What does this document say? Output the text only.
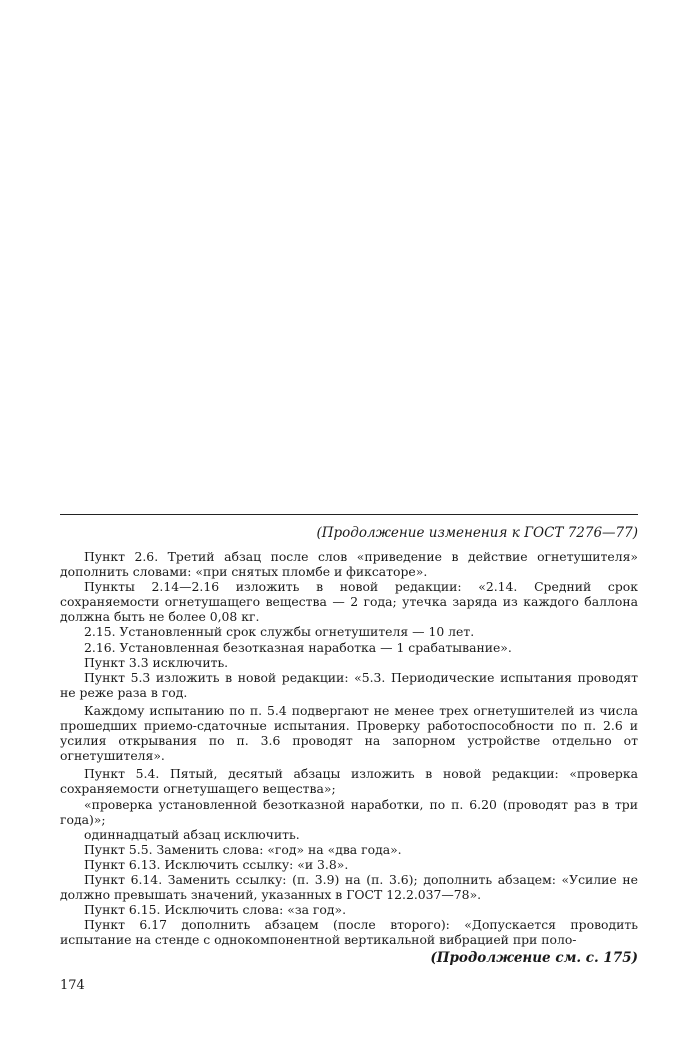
(Продолжение изменения к ГОСТ 7276—77)

Пункт 2.6. Третий абзац после слов «приведение в действие огнетушителя» дополнить словами: «при снятых пломбе и фиксаторе».

Пункты 2.14—2.16 изложить в новой редакции: «2.14. Средний срок сохраняемости огнетушащего вещества — 2 года; утечка заряда из каждого баллона должна быть не более 0,08 кг.

2.15. Установленный срок службы огнетушителя — 10 лет.

2.16. Установленная безотказная наработка — 1 срабатывание».

Пункт 3.3 исключить.

Пункт 5.3 изложить в новой редакции: «5.3. Периодические испытания проводят не реже раза в год.

Каждому испытанию по п. 5.4 подвергают не менее трех огнетушителей из числа прошедших приемо-сдаточные испытания. Проверку работоспособности по п. 2.6 и усилия открывания по п. 3.6 проводят на запорном устройстве отдельно от огнетушителя».

Пункт 5.4. Пятый, десятый абзацы изложить в новой редакции: «проверка сохраняемости огнетушащего вещества»;

«проверка установленной безотказной наработки, по п. 6.20 (проводят раз в три года)»;

одиннадцатый абзац исключить.

Пункт 5.5. Заменить слова: «год» на «два года».

Пункт 6.13. Исключить ссылку: «и 3.8».

Пункт 6.14. Заменить ссылку: (п. 3.9) на (п. 3.6); дополнить абзацем: «Усилие не должно превышать значений, указанных в ГОСТ 12.2.037—78».

Пункт 6.15. Исключить слова: «за год».

Пункт 6.17 дополнить абзацем (после второго): «Допускается проводить испытание на стенде с однокомпонентной вертикальной вибрацией при поло-

(Продолжение см. с. 175)
174
